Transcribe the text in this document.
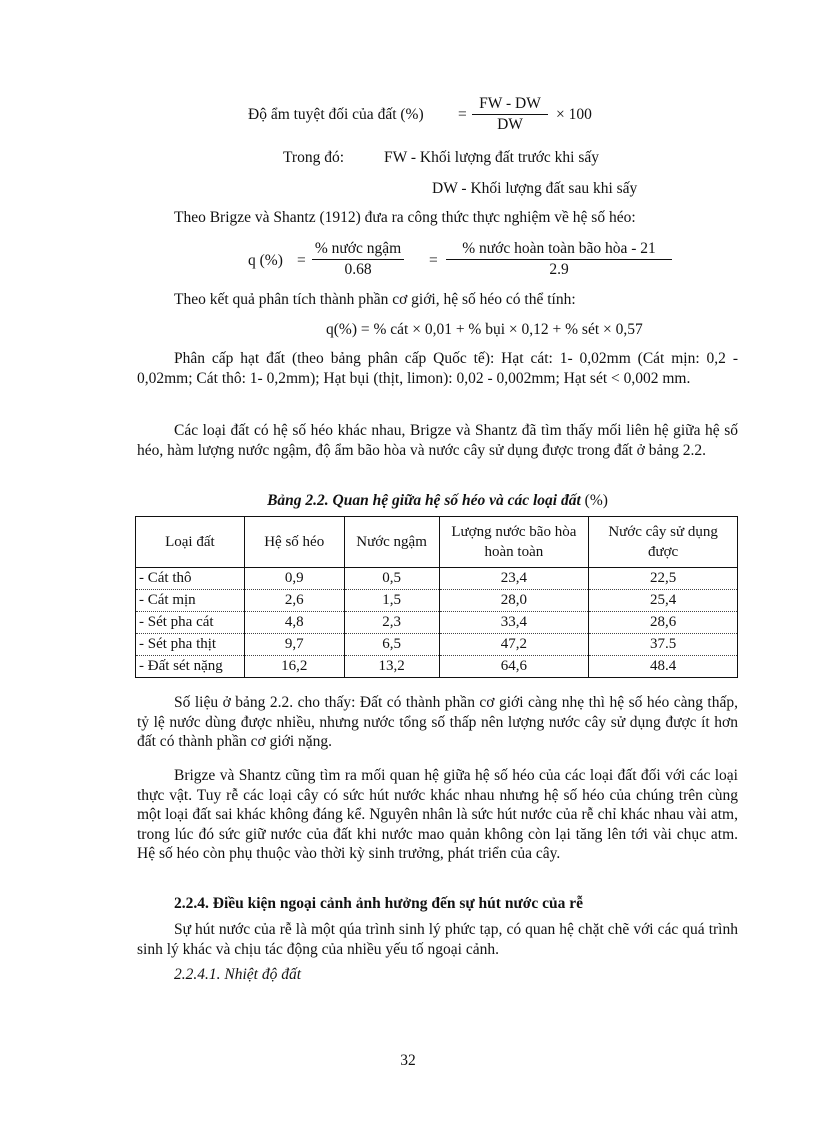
Độ ẩm tuyệt đối của đất (%) = $\frac{FW - DW}{DW} \times 100$
Trong đó:	FW - Khối lượng đất trước khi sấy
DW - Khối lượng đất sau khi sấy
Theo Brigze và Shantz (1912) đưa ra công thức thực nghiệm về hệ số héo:
q (%) =
% nước ngậm
0.68
=
% nước hoàn toàn bão hòa - 21
2.9
Theo kết quả phân tích thành phần cơ giới, hệ số héo có thể tính:
q(%) = % cát × 0,01 + % bụi × 0,12 + % sét × 0,57

Phân cấp hạt đất (theo bảng phân cấp Quốc tế): Hạt cát: 1- 0,02mm (Cát mịn: 0,2 - 0,02mm; Cát thô: 1- 0,2mm); Hạt bụi (thịt, limon): 0,02 - 0,002mm; Hạt sét < 0,002 mm.

Các loại đất có hệ số héo khác nhau, Brigze và Shantz đã tìm thấy mối liên hệ giữa hệ số héo, hàm lượng nước ngậm, độ ẩm bão hòa và nước cây sử dụng được trong đất ở bảng 2.2.

Bảng 2.2. Quan hệ giữa hệ số héo và các loại đất (%)
Loại đất	Hệ số héo	Nước ngậm	Lượng nước bão hòa hoàn toàn	Nước cây sử dụng được
- Cát thô	0,9	0,5	23,4	22,5
- Cát mịn	2,6	1,5	28,0	25,4
- Sét pha cát	4,8	2,3	33,4	28,6
- Sét pha thịt	9,7	6,5	47,2	37.5
- Đất sét nặng	16,2	13,2	64,6	48.4

Số liệu ở bảng 2.2. cho thấy: Đất có thành phần cơ giới càng nhẹ thì hệ số héo càng thấp, tỷ lệ nước dùng được nhiều, nhưng nước tổng số thấp nên lượng nước cây sử dụng được ít hơn đất có thành phần cơ giới nặng.

Brigze và Shantz cũng tìm ra mối quan hệ giữa hệ số héo của các loại đất đối với các loại thực vật. Tuy rễ các loại cây có sức hút nước khác nhau nhưng hệ số héo của chúng trên cùng một loại đất sai khác không đáng kể. Nguyên nhân là sức hút nước của rễ chỉ khác nhau vài atm, trong lúc đó sức giữ nước của đất khi nước mao quản không còn lại tăng lên tới vài chục atm. Hệ số héo còn phụ thuộc vào thời kỳ sinh trưởng, phát triển của cây.

2.2.4. Điều kiện ngoại cảnh ảnh hưởng đến sự hút nước của rễ

Sự hút nước của rễ là một qúa trình sinh lý phức tạp, có quan hệ chặt chẽ với các quá trình sinh lý khác và chịu tác động của nhiều yếu tố ngoại cảnh.

2.2.4.1. Nhiệt độ đất
32
